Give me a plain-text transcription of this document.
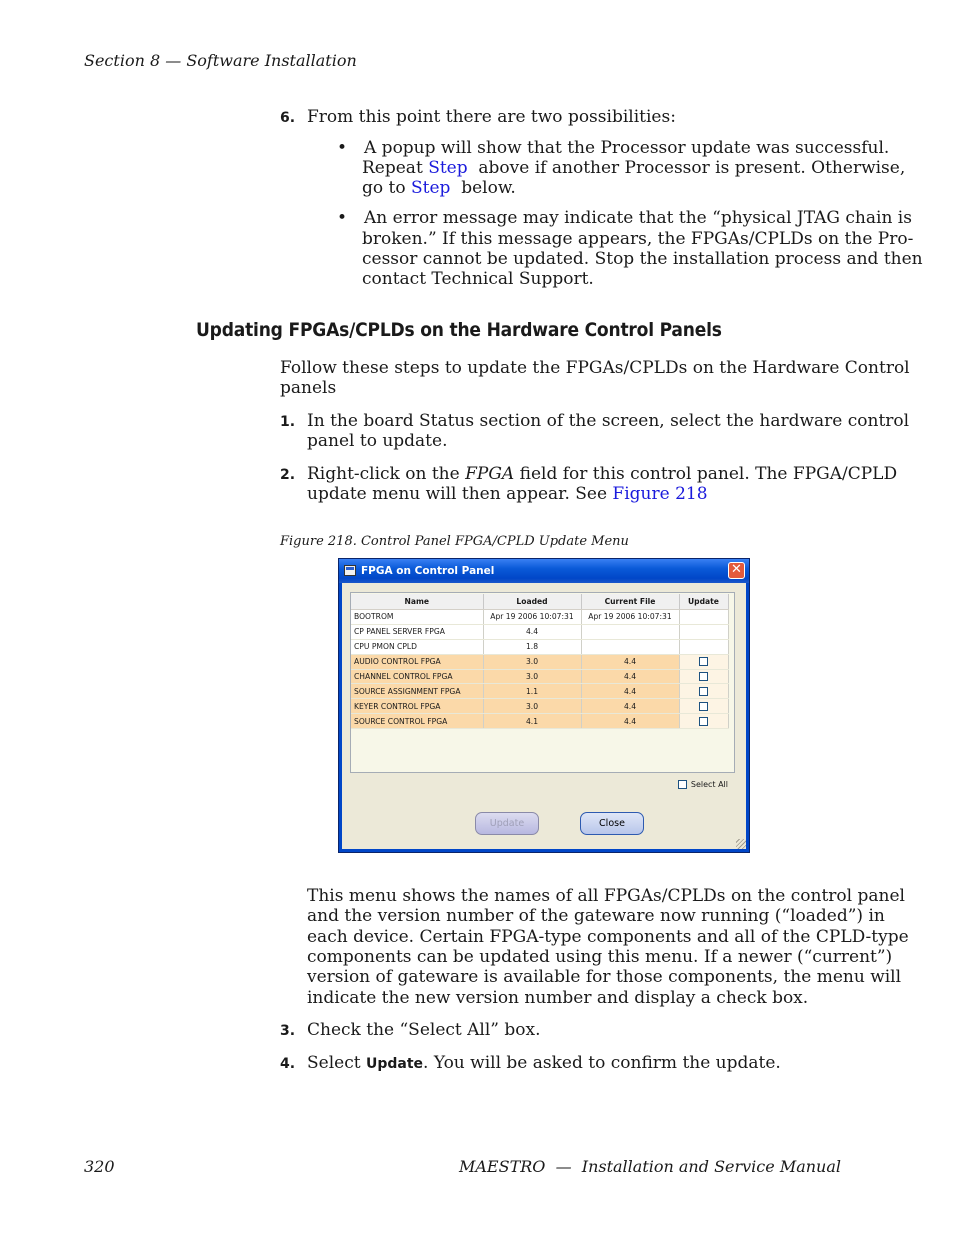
Section 8 — Software Installation
6. From this point there are two possibilities:
• A popup will show that the Processor update was successful.
Repeat Step  above if another Processor is present. Otherwise,
go to Step  below.
• An error message may indicate that the “physical JTAG chain is
broken.” If this message appears, the FPGAs/CPLDs on the Pro-
cessor cannot be updated. Stop the installation process and then
contact Technical Support.
Updating FPGAs/CPLDs on the Hardware Control Panels
Follow these steps to update the FPGAs/CPLDs on the Hardware Control
panels
1. In the board Status section of the screen, select the hardware control
panel to update.
2. Right-click on the FPGA field for this control panel. The FPGA/CPLD
update menu will then appear. See Figure 218
Figure 218. Control Panel FPGA/CPLD Update Menu
FPGA on Control Panel	✕
Name	Loaded	Current File	Update
BOOTROM	Apr 19 2006 10:07:31	Apr 19 2006 10:07:31	
CP PANEL SERVER FPGA	4.4		
CPU PMON CPLD	1.8		
AUDIO CONTROL FPGA	3.0	4.4	
CHANNEL CONTROL FPGA	3.0	4.4	
SOURCE ASSIGNMENT FPGA	1.1	4.4	
KEYER CONTROL FPGA	3.0	4.4	
SOURCE CONTROL FPGA	4.1	4.4	
Select All
Update	Close
This menu shows the names of all FPGAs/CPLDs on the control panel
and the version number of the gateware now running (“loaded”) in
each device. Certain FPGA-type components and all of the CPLD-type
components can be updated using this menu. If a newer (“current”)
version of gateware is available for those components, the menu will
indicate the new version number and display a check box.
3. Check the “Select All” box.
4. Select Update. You will be asked to confirm the update.
320	MAESTRO  —  Installation and Service Manual
